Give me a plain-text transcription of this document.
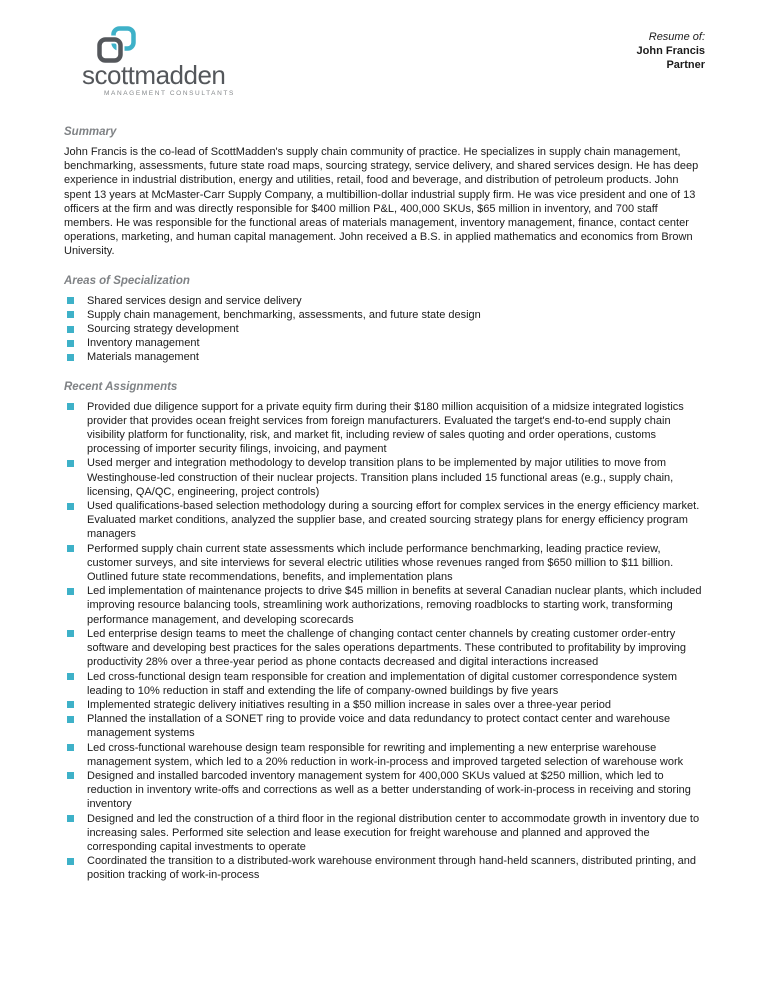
scottmadden
MANAGEMENT CONSULTANTS
Resume of:
John Francis
Partner
Summary

John Francis is the co-lead of ScottMadden's supply chain community of practice. He specializes in supply chain management, benchmarking, assessments, future state road maps, sourcing strategy, service delivery, and shared services design. He has deep experience in industrial distribution, energy and utilities, retail, food and beverage, and distribution of petroleum products. John spent 13 years at McMaster-Carr Supply Company, a multibillion-dollar industrial supply firm. He was vice president and one of 13 officers at the firm and was directly responsible for $400 million P&L, 400,000 SKUs, $65 million in inventory, and 700 staff members. He was responsible for the functional areas of materials management, inventory management, finance, contact center operations, marketing, and human capital management. John received a B.S. in applied mathematics and economics from Brown University.

Areas of Specialization
Shared services design and service delivery
Supply chain management, benchmarking, assessments, and future state design
Sourcing strategy development
Inventory management
Materials management
Recent Assignments
Provided due diligence support for a private equity firm during their $180 million acquisition of a midsize integrated logistics provider that provides ocean freight services from foreign manufacturers. Evaluated the target's end-to-end supply chain visibility platform for functionality, risk, and market fit, including review of sales quoting and order operations, customs processing of importer security filings, invoicing, and payment
Used merger and integration methodology to develop transition plans to be implemented by major utilities to move from Westinghouse-led construction of their nuclear projects. Transition plans included 15 functional areas (e.g., supply chain, licensing, QA/QC, engineering, project controls)
Used qualifications-based selection methodology during a sourcing effort for complex services in the energy efficiency market. Evaluated market conditions, analyzed the supplier base, and created sourcing strategy plans for energy efficiency program managers
Performed supply chain current state assessments which include performance benchmarking, leading practice review, customer surveys, and site interviews for several electric utilities whose revenues ranged from $650 million to $11 billion. Outlined future state recommendations, benefits, and implementation plans
Led implementation of maintenance projects to drive $45 million in benefits at several Canadian nuclear plants, which included improving resource balancing tools, streamlining work authorizations, removing roadblocks to starting work, transforming performance management, and developing scorecards
Led enterprise design teams to meet the challenge of changing contact center channels by creating customer order-entry software and developing best practices for the sales operations departments. These contributed to profitability by improving productivity 28% over a three-year period as phone contacts decreased and digital interactions increased
Led cross-functional design team responsible for creation and implementation of digital customer correspondence system leading to 10% reduction in staff and extending the life of company-owned buildings by five years
Implemented strategic delivery initiatives resulting in a $50 million increase in sales over a three-year period
Planned the installation of a SONET ring to provide voice and data redundancy to protect contact center and warehouse management systems
Led cross-functional warehouse design team responsible for rewriting and implementing a new enterprise warehouse management system, which led to a 20% reduction in work-in-process and improved targeted selection of warehouse work
Designed and installed barcoded inventory management system for 400,000 SKUs valued at $250 million, which led to reduction in inventory write-offs and corrections as well as a better understanding of work-in-process in receiving and storing inventory
Designed and led the construction of a third floor in the regional distribution center to accommodate growth in inventory due to increasing sales. Performed site selection and lease execution for freight warehouse and planned and approved the corresponding capital investments to operate
Coordinated the transition to a distributed-work warehouse environment through hand-held scanners, distributed printing, and position tracking of work-in-process
